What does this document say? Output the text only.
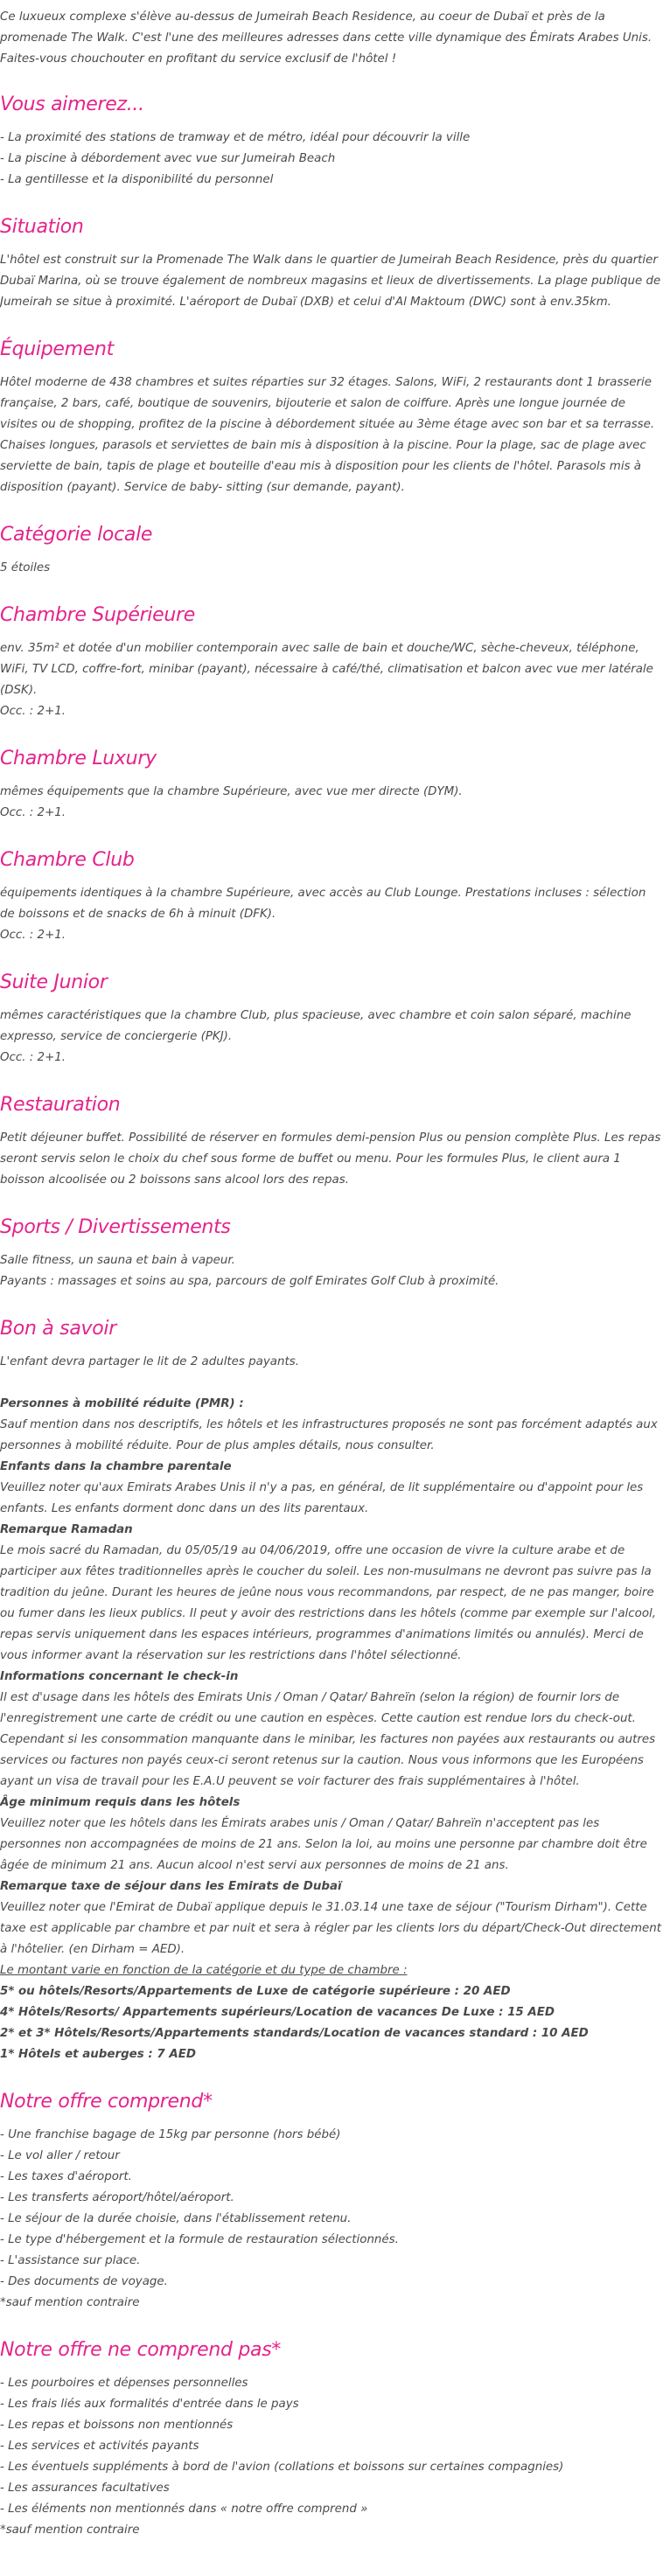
Ce luxueux complexe s'élève au-dessus de Jumeirah Beach Residence, au coeur de Dubaï et près de la promenade The Walk. C'est l'une des meilleures adresses dans cette ville dynamique des Émirats Arabes Unis. Faites-vous chouchouter en profitant du service exclusif de l'hôtel !

Vous aimerez...
- La proximité des stations de tramway et de métro, idéal pour découvrir la ville
- La piscine à débordement avec vue sur Jumeirah Beach
- La gentillesse et la disponibilité du personnel
Situation

L'hôtel est construit sur la Promenade The Walk dans le quartier de Jumeirah Beach Residence, près du quartier Dubaï Marina, où se trouve également de nombreux magasins et lieux de divertissements. La plage publique de Jumeirah se situe à proximité. L'aéroport de Dubaï (DXB) et celui d'Al Maktoum (DWC) sont à env.35km.

Équipement

Hôtel moderne de 438 chambres et suites réparties sur 32 étages. Salons, WiFi, 2 restaurants dont 1 brasserie française, 2 bars, café, boutique de souvenirs, bijouterie et salon de coiffure. Après une longue journée de visites ou de shopping, profitez de la piscine à débordement située au 3ème étage avec son bar et sa terrasse. Chaises longues, parasols et serviettes de bain mis à disposition à la piscine. Pour la plage, sac de plage avec serviette de bain, tapis de plage et bouteille d'eau mis à disposition pour les clients de l'hôtel. Parasols mis à disposition (payant). Service de baby- sitting (sur demande, payant).

Catégorie locale

5 étoiles

Chambre Supérieure

env. 35m² et dotée d'un mobilier contemporain avec salle de bain et douche/WC, sèche-cheveux, téléphone, WiFi, TV LCD, coffre-fort, minibar (payant), nécessaire à café/thé, climatisation et balcon avec vue mer latérale (DSK).
Occ. : 2+1.

Chambre Luxury

mêmes équipements que la chambre Supérieure, avec vue mer directe (DYM).
Occ. : 2+1.

Chambre Club

équipements identiques à la chambre Supérieure, avec accès au Club Lounge. Prestations incluses : sélection de boissons et de snacks de 6h à minuit (DFK).
Occ. : 2+1.

Suite Junior

mêmes caractéristiques que la chambre Club, plus spacieuse, avec chambre et coin salon séparé, machine expresso, service de conciergerie (PKJ).
Occ. : 2+1.

Restauration

Petit déjeuner buffet. Possibilité de réserver en formules demi-pension Plus ou pension complète Plus. Les repas seront servis selon le choix du chef sous forme de buffet ou menu. Pour les formules Plus, le client aura 1 boisson alcoolisée ou 2 boissons sans alcool lors des repas.

Sports / Divertissements

Salle fitness, un sauna et bain à vapeur.
Payants : massages et soins au spa, parcours de golf Emirates Golf Club à proximité.

Bon à savoir

L'enfant devra partager le lit de 2 adultes payants.

Personnes à mobilité réduite (PMR) :

Sauf mention dans nos descriptifs, les hôtels et les infrastructures proposés ne sont pas forcément adaptés aux personnes à mobilité réduite. Pour de plus amples détails, nous consulter.

Enfants dans la chambre parentale

Veuillez noter qu'aux Emirats Arabes Unis il n'y a pas, en général, de lit supplémentaire ou d'appoint pour les enfants. Les enfants dorment donc dans un des lits parentaux.

Remarque Ramadan

Le mois sacré du Ramadan, du 05/05/19 au 04/06/2019, offre une occasion de vivre la culture arabe et de participer aux fêtes traditionnelles après le coucher du soleil. Les non-musulmans ne devront pas suivre pas la tradition du jeûne. Durant les heures de jeûne nous vous recommandons, par respect, de ne pas manger, boire ou fumer dans les lieux publics. Il peut y avoir des restrictions dans les hôtels (comme par exemple sur l'alcool, repas servis uniquement dans les espaces intérieurs, programmes d'animations limités ou annulés). Merci de vous informer avant la réservation sur les restrictions dans l'hôtel sélectionné.

Informations concernant le check-in

Il est d'usage dans les hôtels des Emirats Unis / Oman / Qatar/ Bahreïn (selon la région) de fournir lors de l'enregistrement une carte de crédit ou une caution en espèces. Cette caution est rendue lors du check-out. Cependant si les consommation manquante dans le minibar, les factures non payées aux restaurants ou autres services ou factures non payés ceux-ci seront retenus sur la caution. Nous vous informons que les Européens ayant un visa de travail pour les E.A.U peuvent se voir facturer des frais supplémentaires à l'hôtel.

Âge minimum requis dans les hôtels

Veuillez noter que les hôtels dans les Émirats arabes unis / Oman / Qatar/ Bahreïn n'acceptent pas les personnes non accompagnées de moins de 21 ans. Selon la loi, au moins une personne par chambre doit être âgée de minimum 21 ans. Aucun alcool n'est servi aux personnes de moins de 21 ans.

Remarque taxe de séjour dans les Emirats de Dubaï

Veuillez noter que l'Emirat de Dubaï applique depuis le 31.03.14 une taxe de séjour ("Tourism Dirham"). Cette taxe est applicable par chambre et par nuit et sera à régler par les clients lors du départ/Check-Out directement à l'hôtelier. (en Dirham = AED).

Le montant varie en fonction de la catégorie et du type de chambre :

5* ou hôtels/Resorts/Appartements de Luxe de catégorie supérieure : 20 AED

4* Hôtels/Resorts/ Appartements supérieurs/Location de vacances De Luxe : 15 AED

2* et 3* Hôtels/Resorts/Appartements standards/Location de vacances standard : 10 AED

1* Hôtels et auberges : 7 AED

Notre offre comprend*
- Une franchise bagage de 15kg par personne (hors bébé)
- Le vol aller / retour
- Les taxes d'aéroport.
- Les transferts aéroport/hôtel/aéroport.
- Le séjour de la durée choisie, dans l'établissement retenu.
- Le type d'hébergement et la formule de restauration sélectionnés.
- L'assistance sur place.
- Des documents de voyage.
*sauf mention contraire
Notre offre ne comprend pas*
- Les pourboires et dépenses personnelles
- Les frais liés aux formalités d'entrée dans le pays
- Les repas et boissons non mentionnés
- Les services et activités payants
- Les éventuels suppléments à bord de l'avion (collations et boissons sur certaines compagnies)
- Les assurances facultatives
- Les éléments non mentionnés dans « notre offre comprend »
*sauf mention contraire
